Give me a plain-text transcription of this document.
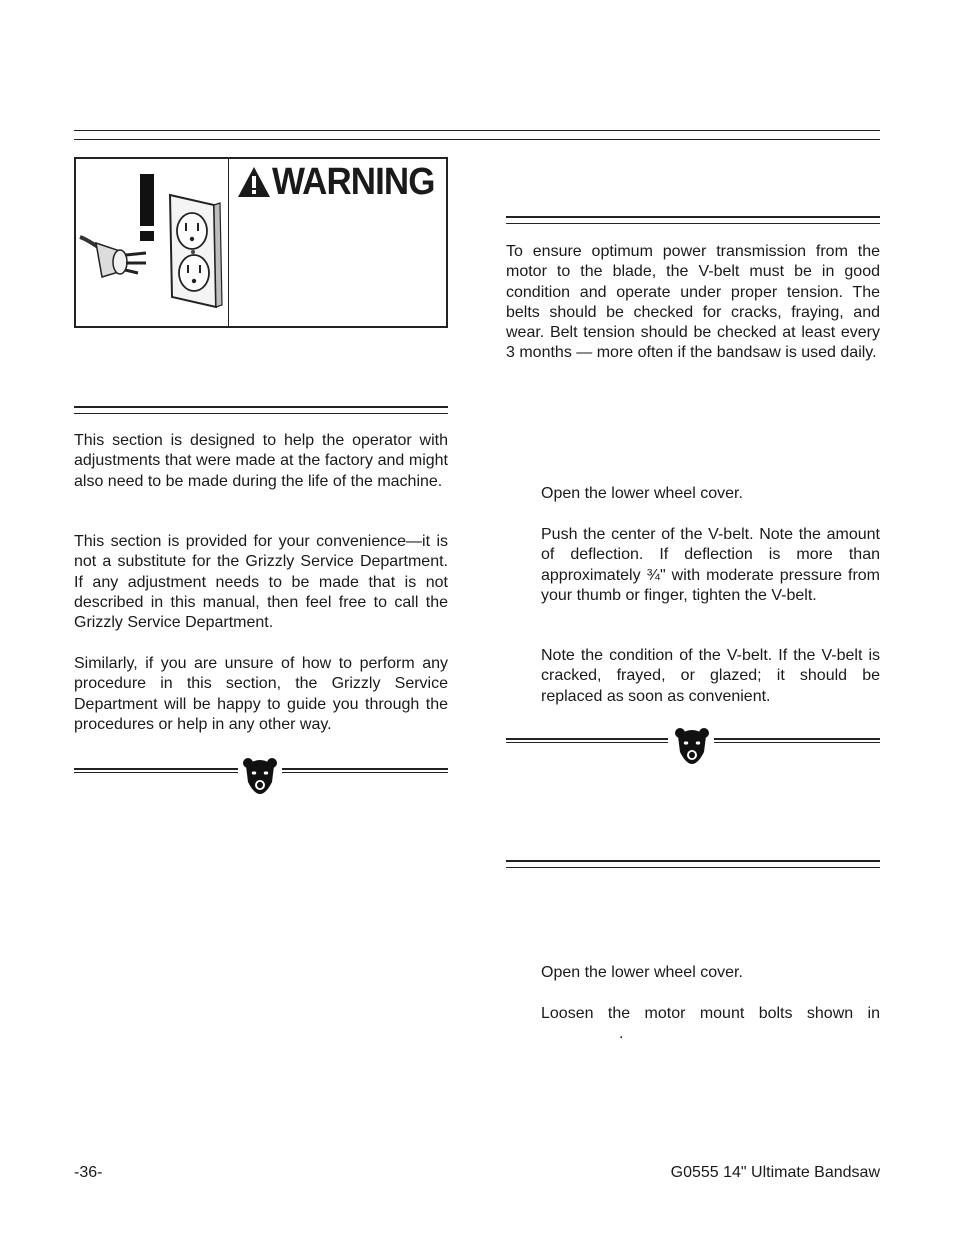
WARNING

This section is designed to help the operator with adjustments that were made at the factory and might also need to be made during the life of the machine.

This section is provided for your convenience—it is not a substitute for the Grizzly Service Department. If any adjustment needs to be made that is not described in this manual, then feel free to call the Grizzly Service Department.

Similarly, if you are unsure of how to perform any procedure in this section, the Grizzly Service Department will be happy to guide you through the procedures or help in any other way.

To ensure optimum power transmission from the motor to the blade, the V-belt must be in good condition and operate under proper tension. The belts should be checked for cracks, fraying, and wear. Belt tension should be checked at least every 3 months — more often if the bandsaw is used daily.

Open the lower wheel cover.

Push the center of the V-belt. Note the amount of deflection. If deflection is more than approximately ¾" with moderate pressure from your thumb or finger, tighten the V-belt.

Note the condition of the V-belt. If the V-belt is cracked, frayed, or glazed; it should be replaced as soon as convenient.

Open the lower wheel cover.

Loosen the motor mount bolts shown in

.
-36-	G0555 14" Ultimate Bandsaw
